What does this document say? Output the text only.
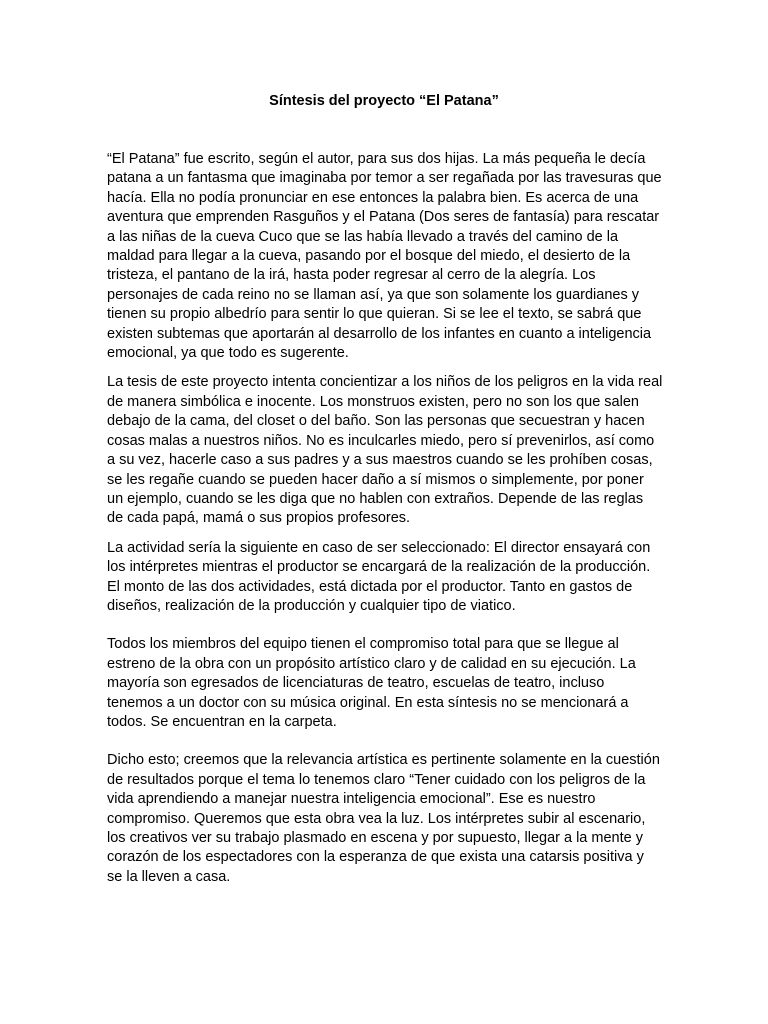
Síntesis del proyecto “El Patana”

“El Patana” fue escrito, según el autor, para sus dos hijas. La más pequeña le decía patana a un fantasma que imaginaba por temor a ser regañada por las travesuras que hacía. Ella no podía pronunciar en ese entonces la palabra bien. Es acerca de una aventura que emprenden Rasguños y el Patana (Dos seres de fantasía) para rescatar a las niñas de la cueva Cuco que se las había llevado a través del camino de la maldad para llegar a la cueva, pasando por el bosque del miedo, el desierto de la tristeza, el pantano de la irá, hasta poder regresar al cerro de la alegría. Los personajes de cada reino no se llaman así, ya que son solamente los guardianes y tienen su propio albedrío para sentir lo que quieran. Si se lee el texto, se sabrá que existen subtemas que aportarán al desarrollo de los infantes en cuanto a inteligencia emocional, ya que todo es sugerente.

La tesis de este proyecto intenta concientizar a los niños de los peligros en la vida real de manera simbólica e inocente. Los monstruos existen, pero no son los que salen debajo de la cama, del closet o del baño. Son las personas que secuestran y hacen cosas malas a nuestros niños. No es inculcarles miedo, pero sí prevenirlos, así como a su vez, hacerle caso a sus padres y a sus maestros cuando se les prohíben cosas, se les regañe cuando se pueden hacer daño a sí mismos o simplemente, por poner un ejemplo, cuando se les diga que no hablen con extraños. Depende de las reglas de cada papá, mamá o sus propios profesores.

La actividad sería la siguiente en caso de ser seleccionado: El director ensayará con los intérpretes mientras el productor se encargará de la realización de la producción. El monto de las dos actividades, está dictada por el productor. Tanto en gastos de diseños, realización de la producción y cualquier tipo de viatico.

Todos los miembros del equipo tienen el compromiso total para que se llegue al estreno de la obra con un propósito artístico claro y de calidad en su ejecución. La mayoría son egresados de licenciaturas de teatro, escuelas de teatro, incluso tenemos a un doctor con su música original. En esta síntesis no se mencionará a todos. Se encuentran en la carpeta.

Dicho esto; creemos que la relevancia artística es pertinente solamente en la cuestión de resultados porque el tema lo tenemos claro “Tener cuidado con los peligros de la vida aprendiendo a manejar nuestra inteligencia emocional”. Ese es nuestro compromiso. Queremos que esta obra vea la luz. Los intérpretes subir al escenario, los creativos ver su trabajo plasmado en escena y por supuesto, llegar a la mente y corazón de los espectadores con la esperanza de que exista una catarsis positiva y se la lleven a casa.
